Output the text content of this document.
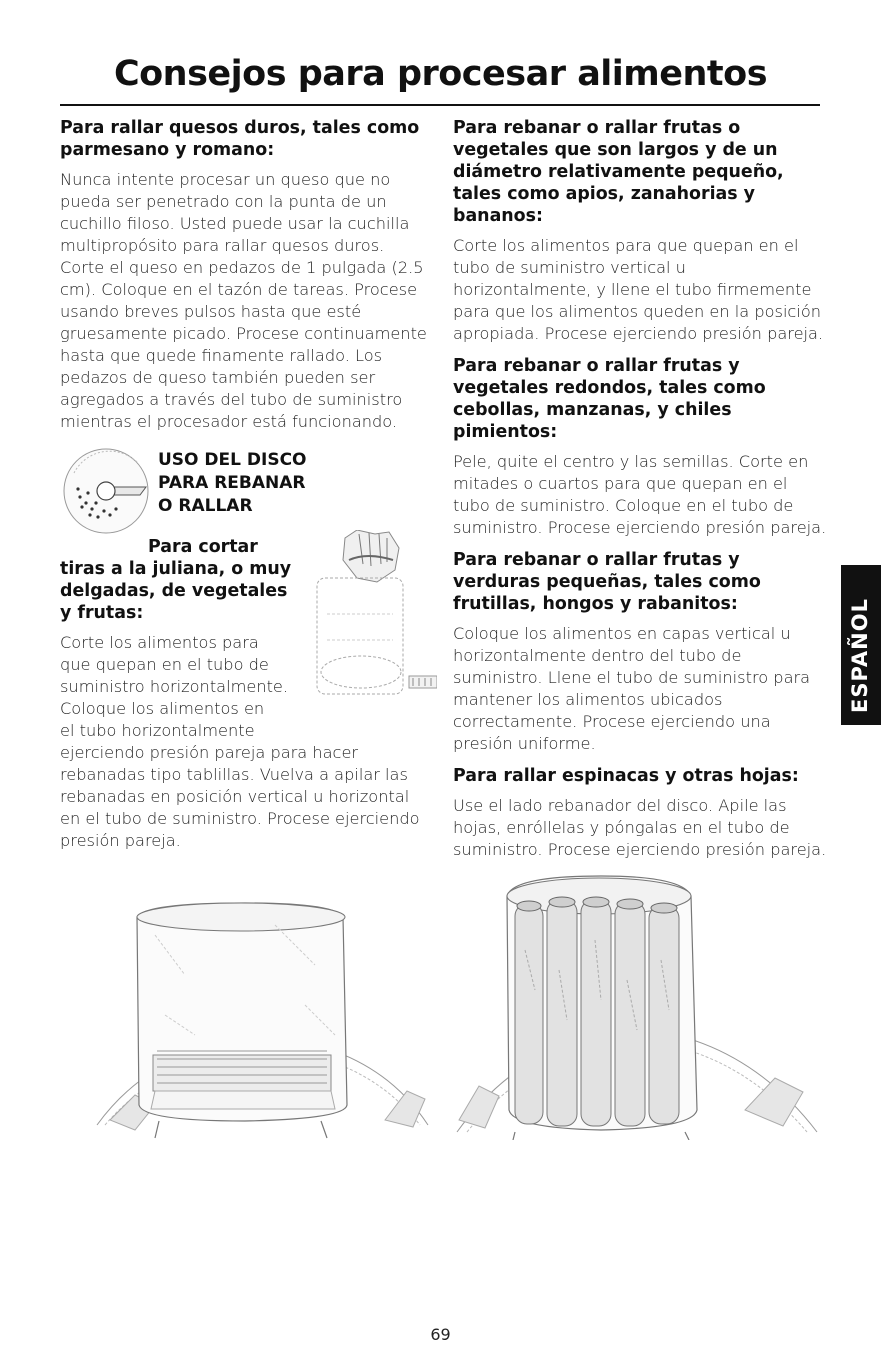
Consejos para procesar alimentos
Para rallar quesos duros, tales como parmesano y romano:

Nunca intente procesar un queso que no pueda ser penetrado con la punta de un cuchillo filoso. Usted puede usar la cuchilla multipropósito para rallar quesos duros. Corte el queso en pedazos de 1 pulgada (2.5 cm). Coloque en el tazón de tareas. Procese usando breves pulsos hasta que esté gruesamente picado. Procese continuamente hasta que quede finamente rallado. Los pedazos de queso también pueden ser agregados a través del tubo de suministro mientras el procesador está funcionando.

USO DEL DISCO
PARA REBANAR
O RALLAR
Para cortar
tiras a la juliana, o muy
delgadas, de vegetales
y frutas:
Corte los alimentos para
que quepan en el tubo de
suministro horizontalmente.
Coloque los alimentos en
el tubo horizontalmente

ejerciendo presión pareja para hacer rebanadas tipo tablillas. Vuelva a apilar las rebanadas en posición vertical u horizontal en el tubo de suministro. Procese ejerciendo presión pareja.

Para rebanar o rallar frutas o vegetales que son largos y de un diámetro relativamente pequeño, tales como apios, zanahorias y bananos:

Corte los alimentos para que quepan en el tubo de suministro vertical u horizontalmente, y llene el tubo firmemente para que los alimentos queden en la posición apropiada. Procese ejerciendo presión pareja.

Para rebanar o rallar frutas y vegetales redondos, tales como cebollas, manzanas, y chiles pimientos:

Pele, quite el centro y las semillas. Corte en mitades o cuartos para que quepan en el tubo de suministro. Coloque en el tubo de suministro. Procese ejerciendo presión pareja.

Para rebanar o rallar frutas y verduras pequeñas, tales como frutillas, hongos y rabanitos:

Coloque los alimentos en capas vertical u horizontalmente dentro del tubo de suministro. Llene el tubo de suministro para mantener los alimentos ubicados correctamente. Procese ejerciendo una presión uniforme.

Para rallar espinacas y otras hojas:

Use el lado rebanador del disco. Apile las hojas, enróllelas y póngalas en el tubo de suministro. Procese ejerciendo presión pareja.

ESPAÑOL
69
